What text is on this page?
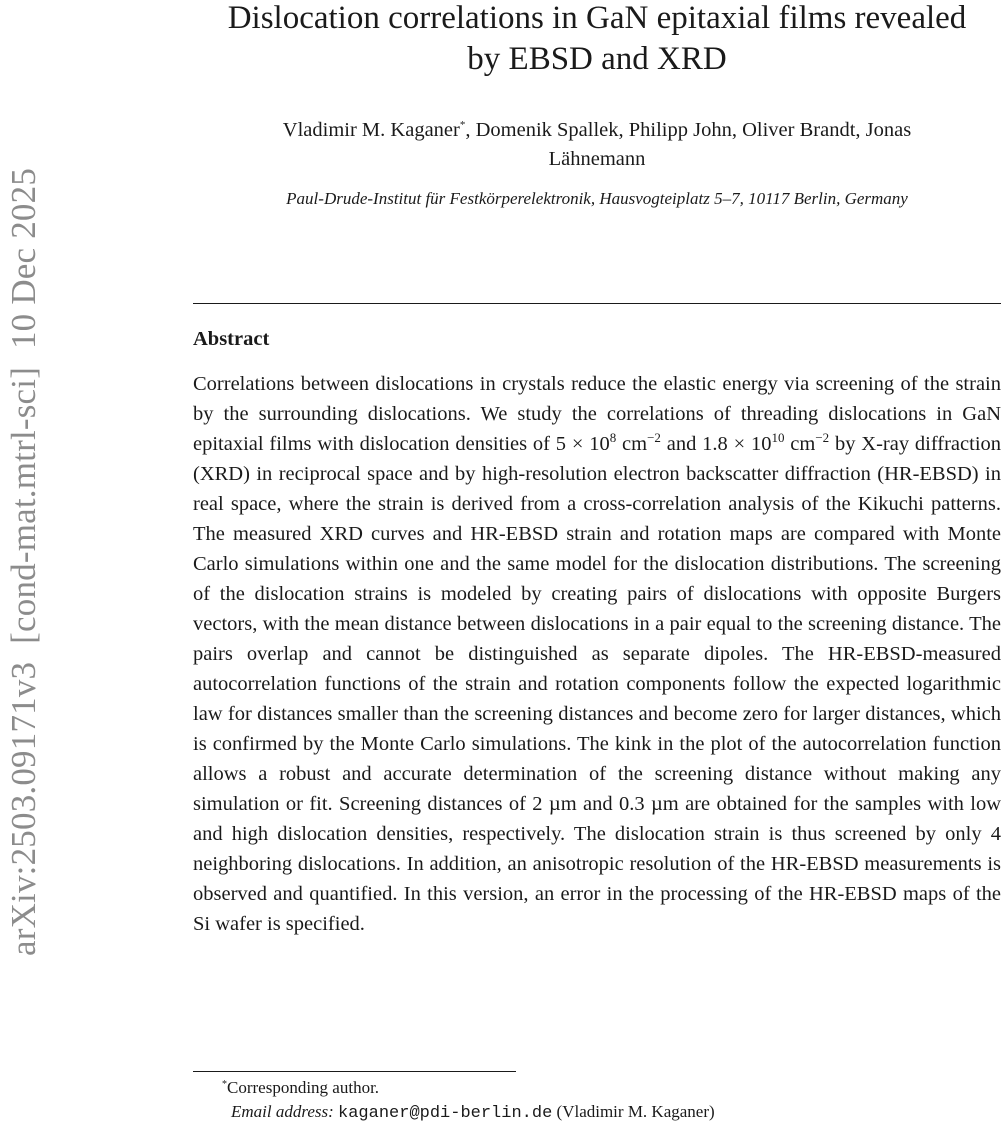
arXiv:2503.09171v3  [cond-mat.mtrl-sci]  10 Dec 2025
Dislocation correlations in GaN epitaxial films revealed
by EBSD and XRD
Vladimir M. Kaganer*, Domenik Spallek, Philipp John, Oliver Brandt, Jonas
Lähnemann
Paul-Drude-Institut für Festkörperelektronik, Hausvogteiplatz 5–7, 10117 Berlin, Germany
Abstract

Correlations between dislocations in crystals reduce the elastic energy via screening of the strain by the surrounding dislocations. We study the correlations of threading dislocations in GaN epitaxial films with dislocation densities of $5 \times 10^8$ $cm^{-2}$ and $1.8 \times 10^{10}$ $cm^{-2}$ by X-ray diffraction (XRD) in reciprocal space and by high-resolution electron backscatter diffraction (HR-EBSD) in real space, where the strain is derived from a cross-correlation analysis of the Kikuchi patterns. The measured XRD curves and HR-EBSD strain and rotation maps are compared with Monte Carlo simulations within one and the same model for the dislocation distributions. The screening of the dislocation strains is modeled by creating pairs of dislocations with opposite Burgers vectors, with the mean distance between dislocations in a pair equal to the screening distance. The pairs overlap and cannot be distinguished as separate dipoles. The HR-EBSD-measured autocorrelation functions of the strain and rotation components follow the expected logarithmic law for distances smaller than the screening distances and become zero for larger distances, which is confirmed by the Monte Carlo simulations. The kink in the plot of the autocorrelation function allows a robust and accurate determination of the screening distance without making any simulation or fit. Screening distances of 2 µm and 0.3 µm are obtained for the samples with low and high dislocation densities, respectively. The dislocation strain is thus screened by only 4 neighboring dislocations. In addition, an anisotropic resolution of the HR-EBSD measurements is observed and quantified. In this version, an error in the processing of the HR-EBSD maps of the Si wafer is specified.

*Corresponding author.
Email address: kaganer@pdi-berlin.de (Vladimir M. Kaganer)
